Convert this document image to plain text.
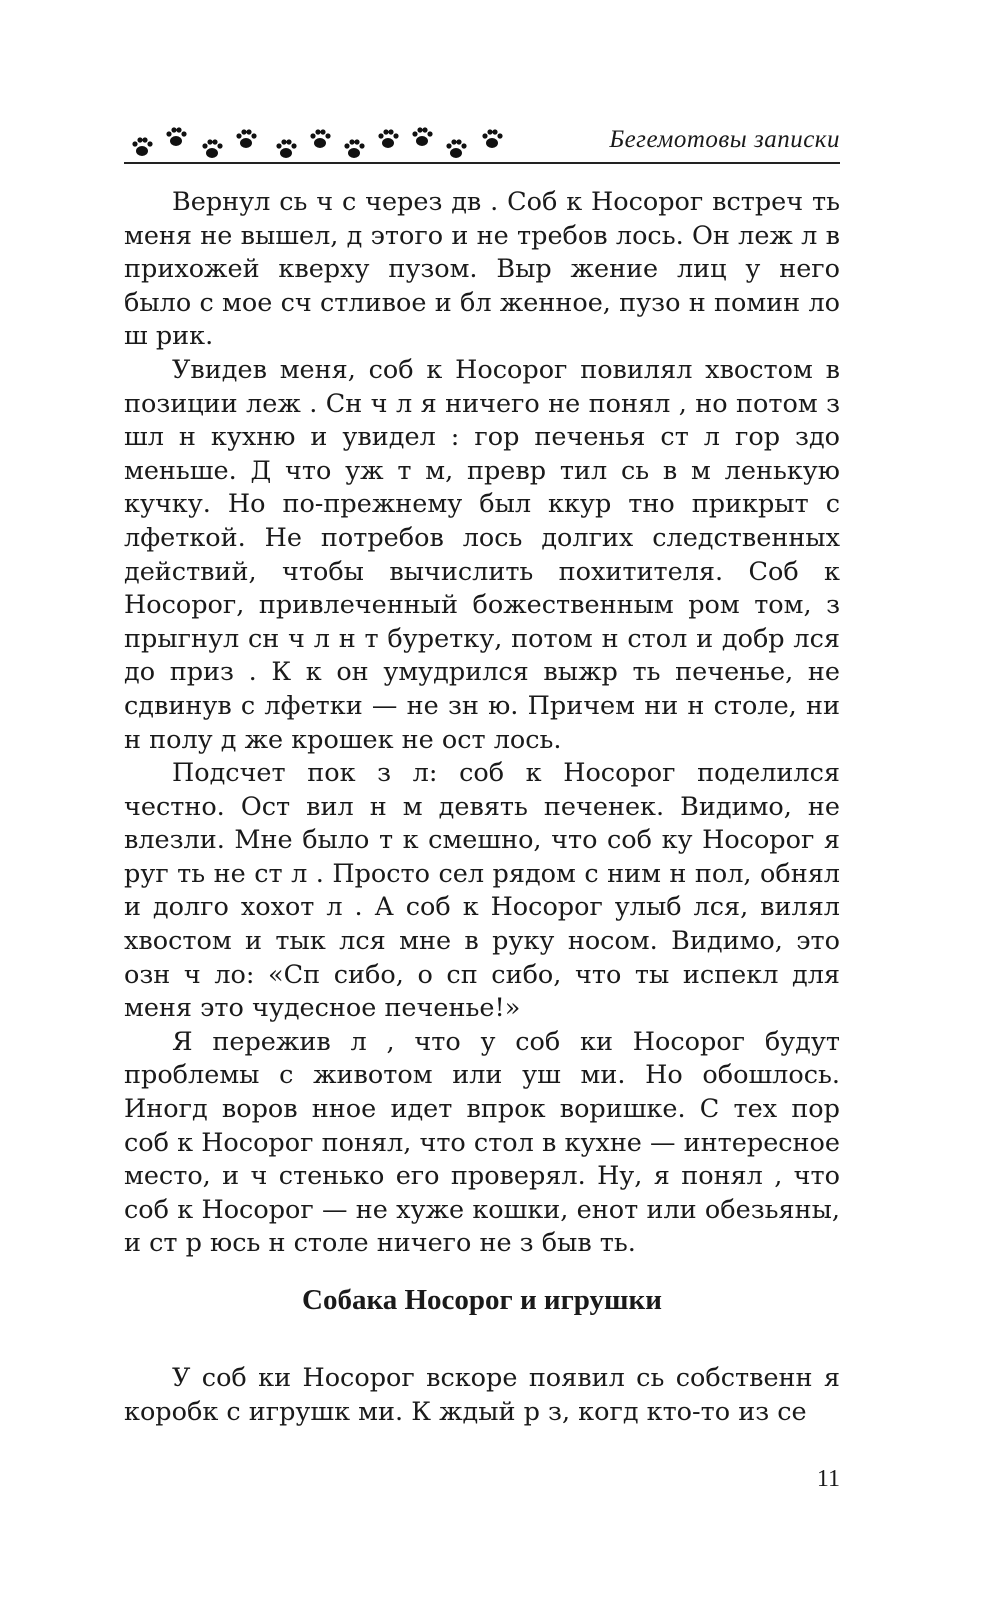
Бегемотовы записки

Вернул сь ч с через дв . Соб к Носорог встреч ть меня не вышел, д этого и не требов лось. Он леж л в прихожей кверху пузом. Выр жение лиц у него было с мое сч стливое и бл женное, пузо н помин ло ш рик.

Увидев меня, соб к Носорог повилял хвостом в позиции леж . Сн ч л я ничего не понял , но потом з шл н кухню и увидел : гор печенья ст л гор здо меньше. Д что уж т м, превр тил сь в м ленькую кучку. Но по-прежнему был ккур тно прикрыт с лфеткой. Не потребов лось долгих следственных действий, чтобы вычислить похитителя. Соб к Носорог, привлеченный божественным ром том, з прыгнул сн ч л н т буретку, потом н стол и добр лся до приз . К к он умудрился выжр ть печенье, не сдвинув с лфетки — не зн ю. Причем ни н столе, ни н полу д же крошек не ост лось.

Подсчет пок з л: соб к Носорог поделился честно. Ост вил н м девять печенек. Видимо, не влезли. Мне было т к смешно, что соб ку Носорог я руг ть не ст л . Просто сел рядом с ним н пол, обнял и долго хохот л . А соб к Носорог улыб лся, вилял хвостом и тык лся мне в руку носом. Видимо, это озн ч ло: «Сп сибо, о сп сибо, что ты испекл для меня это чудесное печенье!»

Я пережив л , что у соб ки Носорог будут проблемы с животом или уш ми. Но обошлось. Иногд воров нное идет впрок воришке. С тех пор соб к Носорог понял, что стол в кухне — интересное место, и ч стенько его проверял. Ну, я понял , что соб к Носорог — не хуже кошки, енот или обезьяны, и ст р юсь н столе ничего не з быв ть.

Собака Носорог и игрушки

У соб ки Носорог вскоре появил сь собственн я коробк с игрушк ми. К ждый р з, когд кто-то из се

11
